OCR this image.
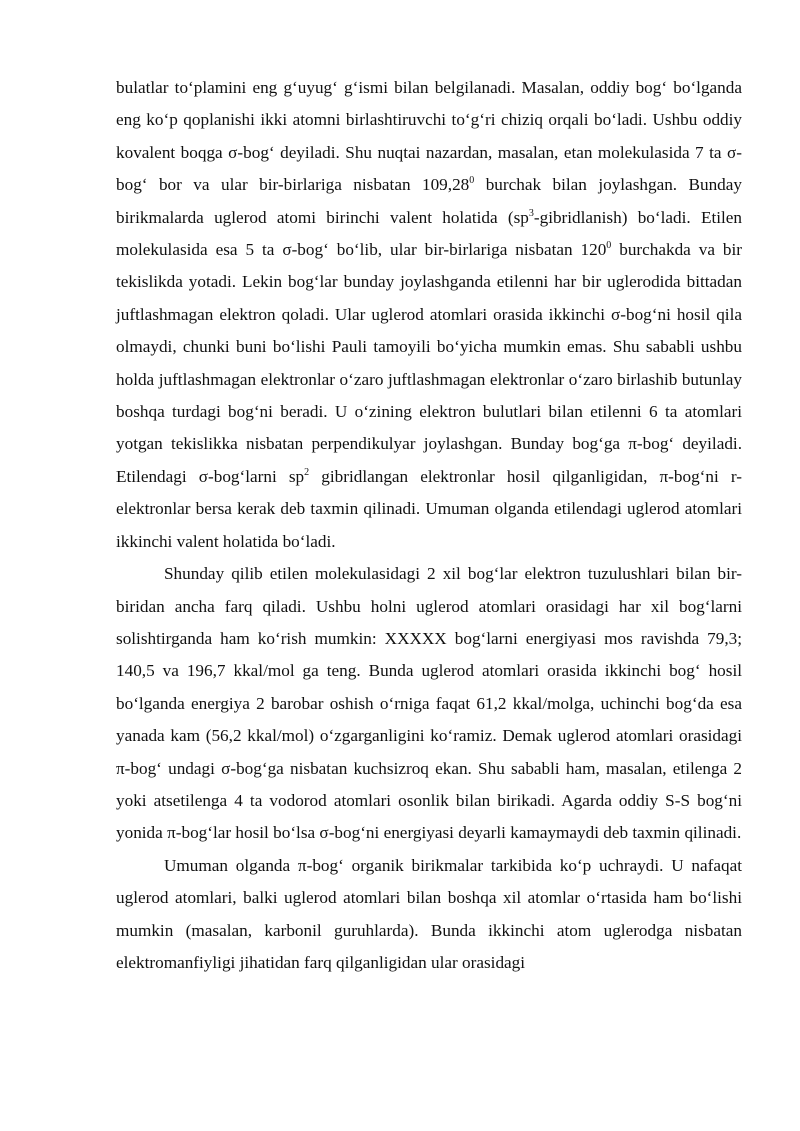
bulatlar to‘plamini eng g‘uyug‘ g‘ismi bilan belgilanadi. Masalan, oddiy bog‘ bo‘lganda eng ko‘p qoplanishi ikki atomni birlashtiruvchi to‘g‘ri chiziq orqali bo‘ladi. Ushbu oddiy kovalent boqga σ-bog‘ deyiladi. Shu nuqtai nazardan, masalan, etan molekulasida 7 ta σ-bog‘ bor va ular bir-birlariga nisbatan 109,28$^0$ burchak bilan joylashgan. Bunday birikmalarda uglerod atomi birinchi valent holatida $(sp^3-gibridlanish)$ bo‘ladi. Etilen molekulasida esa 5 ta σ-bog‘ bo‘lib, ular bir-birlariga nisbatan $120^0$ burchakda va bir tekislikda yotadi. Lekin bog‘lar bunday joylashganda etilenni har bir uglerodida bittadan juftlashmagan elektron qoladi. Ular uglerod atomlari orasida ikkinchi σ-bog‘ni hosil qila olmaydi, chunki buni bo‘lishi Pauli tamoyili bo‘yicha mumkin emas. Shu sababli ushbu holda juftlashmagan elektronlar o‘zaro juftlashmagan elektronlar o‘zaro birlashib butunlay boshqa turdagi bog‘ni beradi. U o‘zining elektron bulutlari bilan etilenni 6 ta atomlari yotgan tekislikka nisbatan perpendikulyar joylashgan. Bunday bog‘ga π-bog‘ deyiladi. Etilendagi σ-bog‘larni $sp^2$ gibridlangan elektronlar hosil qilganligidan, π-bog‘ni r-elektronlar bersa kerak deb taxmin qilinadi. Umuman olganda etilendagi uglerod atomlari ikkinchi valent holatida bo‘ladi.

Shunday qilib etilen molekulasidagi 2 xil bog‘lar elektron tuzulushlari bilan bir-biridan ancha farq qiladi. Ushbu holni uglerod atomlari orasidagi har xil bog‘larni solishtirganda ham ko‘rish mumkin: XXXXX bog‘larni energiyasi mos ravishda 79,3; 140,5 va 196,7 kkal/mol ga teng. Bunda uglerod atomlari orasida ikkinchi bog‘ hosil bo‘lganda energiya 2 barobar oshish o‘rniga faqat 61,2 kkal/molga, uchinchi bog‘da esa yanada kam (56,2 kkal/mol) o‘zgarganligini ko‘ramiz. Demak uglerod atomlari orasidagi π-bog‘ undagi σ-bog‘ga nisbatan kuchsizroq ekan. Shu sababli ham, masalan, etilenga 2 yoki atsetilenga 4 ta vodorod atomlari osonlik bilan birikadi. Agarda oddiy S-S bog‘ni yonida π-bog‘lar hosil bo‘lsa σ-bog‘ni energiyasi deyarli kamaymaydi deb taxmin qilinadi.

Umuman olganda π-bog‘ organik birikmalar tarkibida ko‘p uchraydi. U nafaqat uglerod atomlari, balki uglerod atomlari bilan boshqa xil atomlar o‘rtasida ham bo‘lishi mumkin (masalan, karbonil guruhlarda). Bunda ikkinchi atom uglerodga nisbatan elektromanfiyligi jihatidan farq qilganligidan ular orasidagi
